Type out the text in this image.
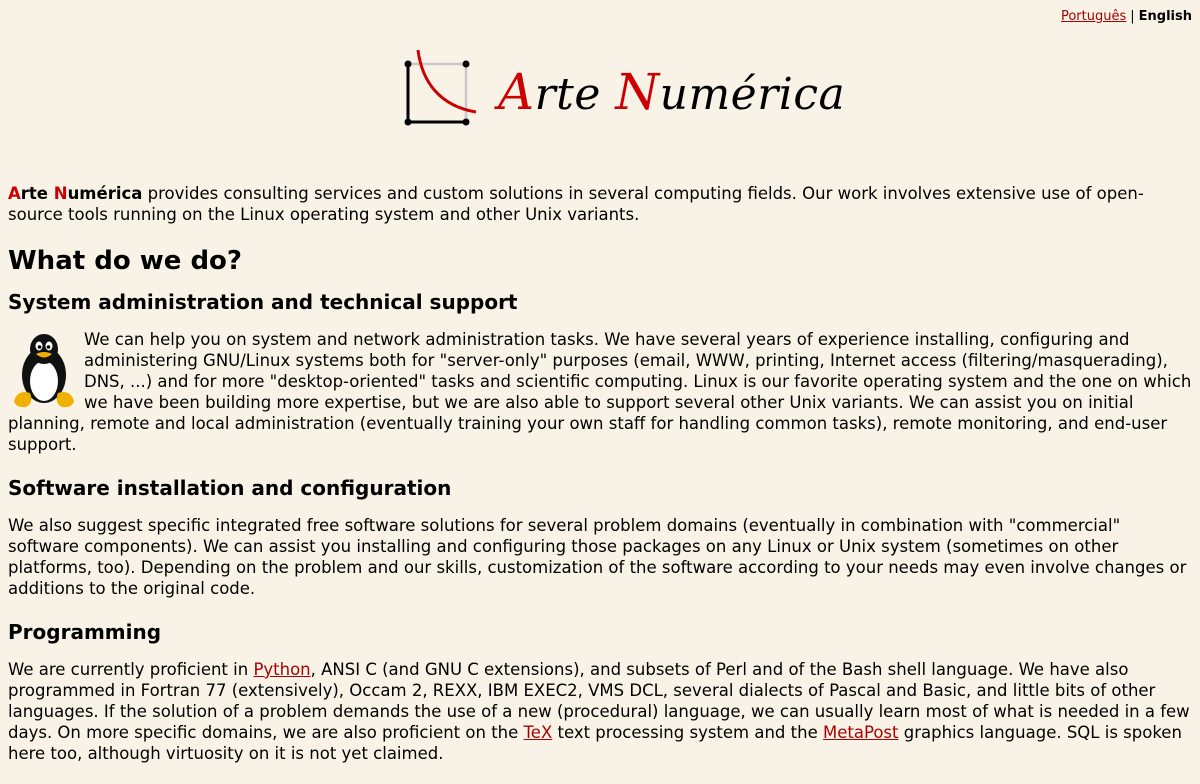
Português | English
Arte Numérica

Arte Numérica provides consulting services and custom solutions in several computing fields. Our work involves extensive use of open-source tools running on the Linux operating system and other Unix variants.

What do we do?
System administration and technical support

We can help you on system and network administration tasks. We have several years of experience installing, configuring and administering GNU/Linux systems both for "server-only" purposes (email, WWW, printing, Internet access (filtering/masquerading), DNS, ...) and for more "desktop-oriented" tasks and scientific computing. Linux is our favorite operating system and the one on which we have been building more expertise, but we are also able to support several other Unix variants. We can assist you on initial planning, remote and local administration (eventually training your own staff for handling common tasks), remote monitoring, and end-user support.

Software installation and configuration

We also suggest specific integrated free software solutions for several problem domains (eventually in combination with "commercial" software components). We can assist you installing and configuring those packages on any Linux or Unix system (sometimes on other platforms, too). Depending on the problem and our skills, customization of the software according to your needs may even involve changes or additions to the original code.

Programming

We are currently proficient in Python, ANSI C (and GNU C extensions), and subsets of Perl and of the Bash shell language. We have also programmed in Fortran 77 (extensively), Occam 2, REXX, IBM EXEC2, VMS DCL, several dialects of Pascal and Basic, and little bits of other languages. If the solution of a problem demands the use of a new (procedural) language, we can usually learn most of what is needed in a few days. On more specific domains, we are also proficient on the TeX text processing system and the MetaPost graphics language. SQL is spoken here too, although virtuosity on it is not yet claimed.
